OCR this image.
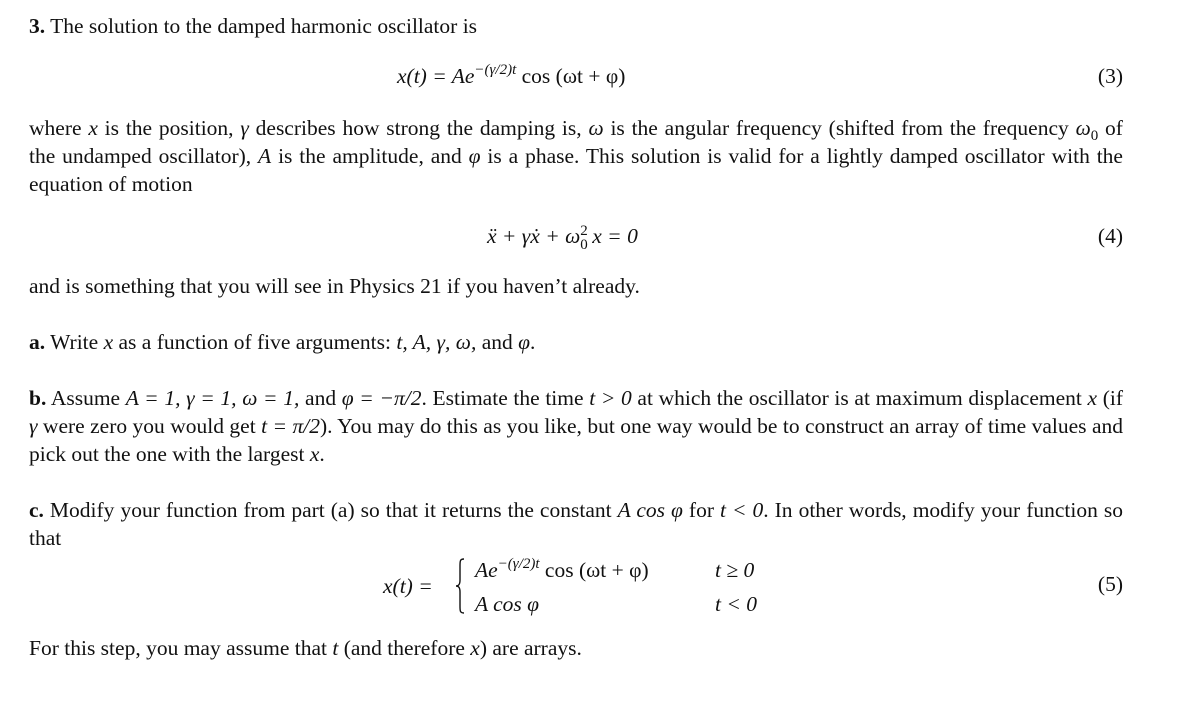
3. The solution to the damped harmonic oscillator is
$x(t) = Ae^{-(\gamma/2)t}$ cos (ωt + φ)	(3)
where x is the position, γ describes how strong the damping is, ω is the angular frequency (shifted from the frequency $\omega_0$ of the undamped oscillator), A is the amplitude, and φ is a phase. This solution is valid for a lightly damped oscillator with the equation of motion
ẍ + γẋ + ω 2
0 x = 0	(4)
and is something that you will see in Physics 21 if you haven’t already.
a. Write x as a function of five arguments: t, A, γ, ω, and φ.
b. Assume A = 1, γ = 1, ω = 1, and φ = −π/2. Estimate the time t > 0 at which the oscillator is at maximum displacement x (if γ were zero you would get t = π/2). You may do this as you like, but one way would be to construct an array of time values and pick out the one with the largest x.
c. Modify your function from part (a) so that it returns the constant A cos φ for t < 0. In other words, modify your function so that
(5)
For this step, you may assume that t (and therefore x) are arrays.
x(t) =
$Ae^{-(\gamma/2)t}$ cos (ωt + φ)	t ≥ 0
A cos φ	t < 0
